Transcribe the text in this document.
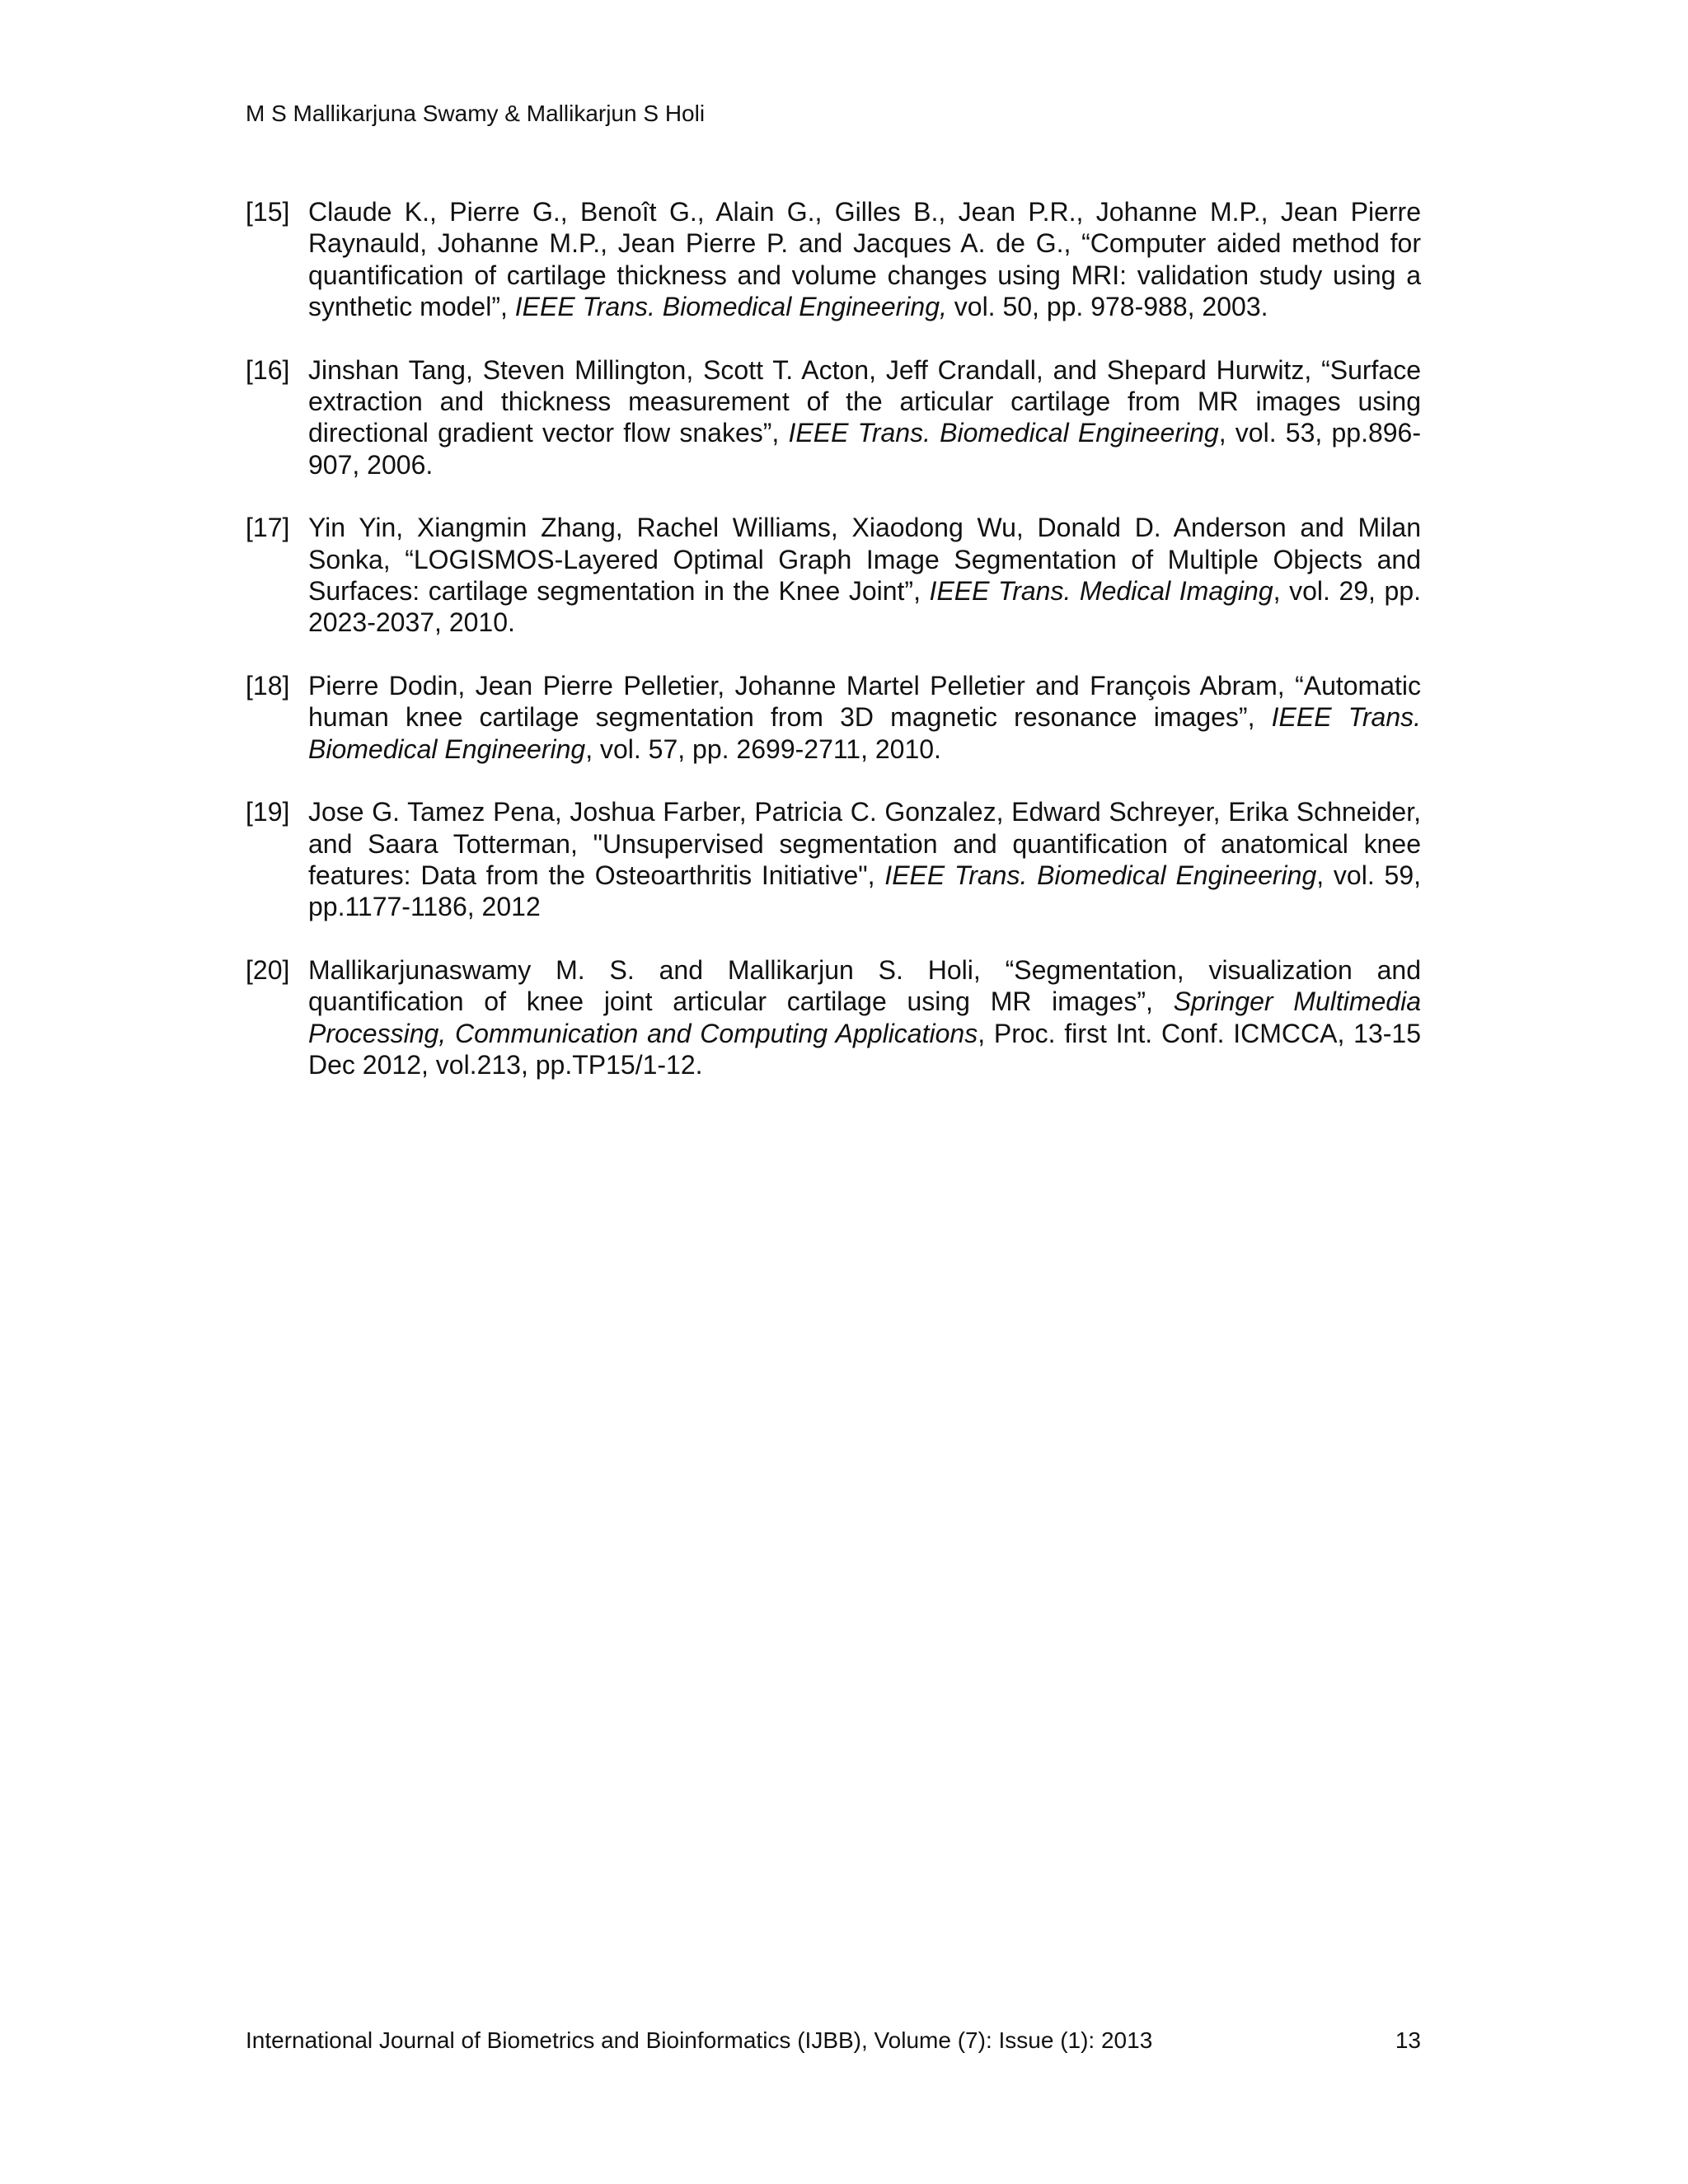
M S Mallikarjuna Swamy & Mallikarjun S Holi
[15] Claude K., Pierre G., Benoît G., Alain G., Gilles B., Jean P.R., Johanne M.P., Jean Pierre Raynauld, Johanne M.P., Jean Pierre P. and Jacques A. de G., “Computer aided method for quantification of cartilage thickness and volume changes using MRI: validation study using a synthetic model”, IEEE Trans. Biomedical Engineering, vol. 50, pp. 978-988, 2003.
[16] Jinshan Tang, Steven Millington, Scott T. Acton, Jeff Crandall, and Shepard Hurwitz, “Surface extraction and thickness measurement of the articular cartilage from MR images using directional gradient vector flow snakes”, IEEE Trans. Biomedical Engineering, vol. 53, pp.896-907, 2006.
[17] Yin Yin, Xiangmin Zhang, Rachel Williams, Xiaodong Wu, Donald D. Anderson and Milan Sonka, “LOGISMOS-Layered Optimal Graph Image Segmentation of Multiple Objects and Surfaces: cartilage segmentation in the Knee Joint”, IEEE Trans. Medical Imaging, vol. 29, pp. 2023-2037, 2010.
[18] Pierre Dodin, Jean Pierre Pelletier, Johanne Martel Pelletier and François Abram, “Automatic human knee cartilage segmentation from 3D magnetic resonance images”, IEEE Trans. Biomedical Engineering, vol. 57, pp. 2699-2711, 2010.
[19] Jose G. Tamez Pena, Joshua Farber, Patricia C. Gonzalez, Edward Schreyer, Erika Schneider, and Saara Totterman, "Unsupervised segmentation and quantification of anatomical knee features: Data from the Osteoarthritis Initiative", IEEE Trans. Biomedical Engineering, vol. 59, pp.1177-1186, 2012
[20] Mallikarjunaswamy M. S. and Mallikarjun S. Holi, “Segmentation, visualization and quantification of knee joint articular cartilage using MR images”, Springer Multimedia Processing, Communication and Computing Applications, Proc. first Int. Conf. ICMCCA, 13-15 Dec 2012, vol.213, pp.TP15/1-12.
International Journal of Biometrics and Bioinformatics (IJBB), Volume (7): Issue (1): 2013	13
